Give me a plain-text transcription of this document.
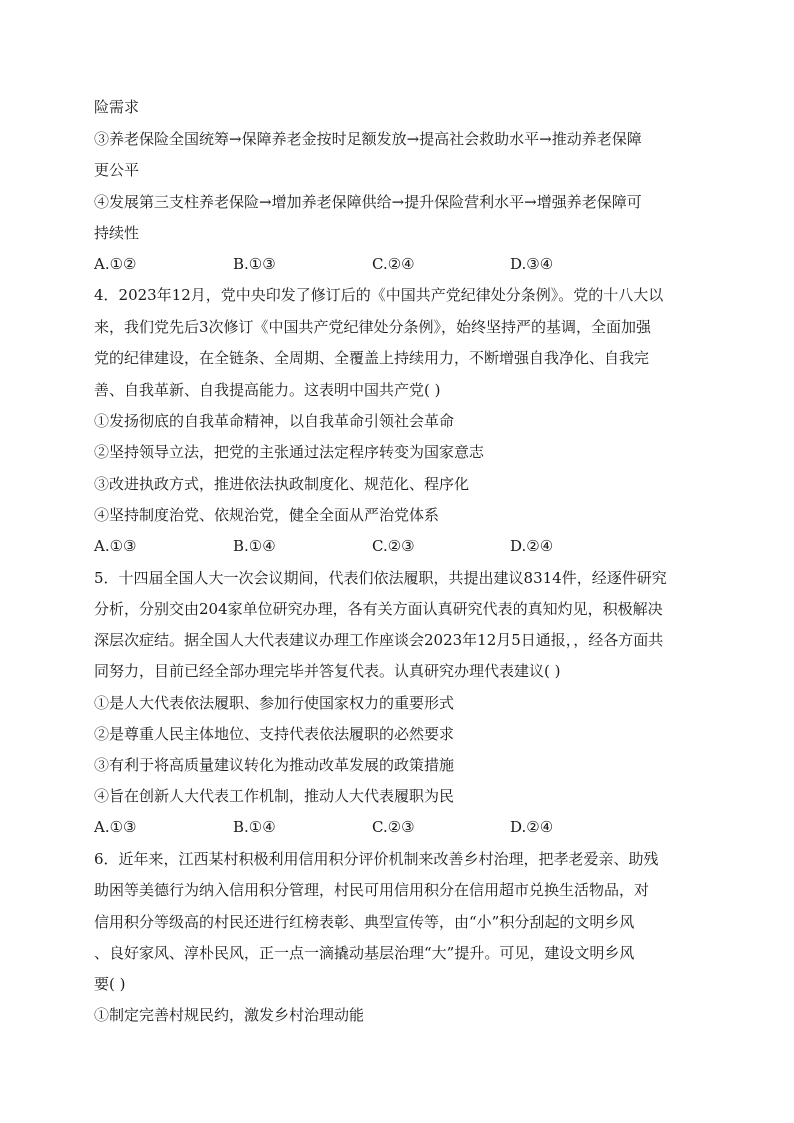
险需求
③养老保险全国统筹→保障养老金按时足额发放→提高社会救助水平→推动养老保障
更公平
④发展第三支柱养老保险→增加养老保障供给→提升保险营利水平→增强养老保障可
持续性
A.①②	B.①③	C.②④	D.③④
4．2023年12月，党中央印发了修订后的《中国共产党纪律处分条例》。党的十八大以
来，我们党先后3次修订《中国共产党纪律处分条例》，始终坚持严的基调，全面加强
党的纪律建设，在全链条、全周期、全覆盖上持续用力，不断增强自我净化、自我完
善、自我革新、自我提高能力。这表明中国共产党( )
①发扬彻底的自我革命精神，以自我革命引领社会革命
②坚持领导立法，把党的主张通过法定程序转变为国家意志
③改进执政方式，推进依法执政制度化、规范化、程序化
④坚持制度治党、依规治党，健全全面从严治党体系
A.①③	B.①④	C.②③	D.②④
5．十四届全国人大一次会议期间，代表们依法履职，共提出建议8314件，经逐件研究
分析，分别交由204家单位研究办理，各有关方面认真研究代表的真知灼见，积极解决
深层次症结。据全国人大代表建议办理工作座谈会2023年12月5日通报，，经各方面共
同努力，目前已经全部办理完毕并答复代表。认真研究办理代表建议( )
①是人大代表依法履职、参加行使国家权力的重要形式
②是尊重人民主体地位、支持代表依法履职的必然要求
③有利于将高质量建议转化为推动改革发展的政策措施
④旨在创新人大代表工作机制，推动人大代表履职为民
A.①③	B.①④	C.②③	D.②④
6．近年来，江西某村积极利用信用积分评价机制来改善乡村治理，把孝老爱亲、助残
助困等美德行为纳入信用积分管理，村民可用信用积分在信用超市兑换生活物品，对
信用积分等级高的村民还进行红榜表彰、典型宣传等，由“小”积分刮起的文明乡风
、良好家风、淳朴民风，正一点一滴撬动基层治理“大”提升。可见，建设文明乡风
要( )
①制定完善村规民约，激发乡村治理动能
